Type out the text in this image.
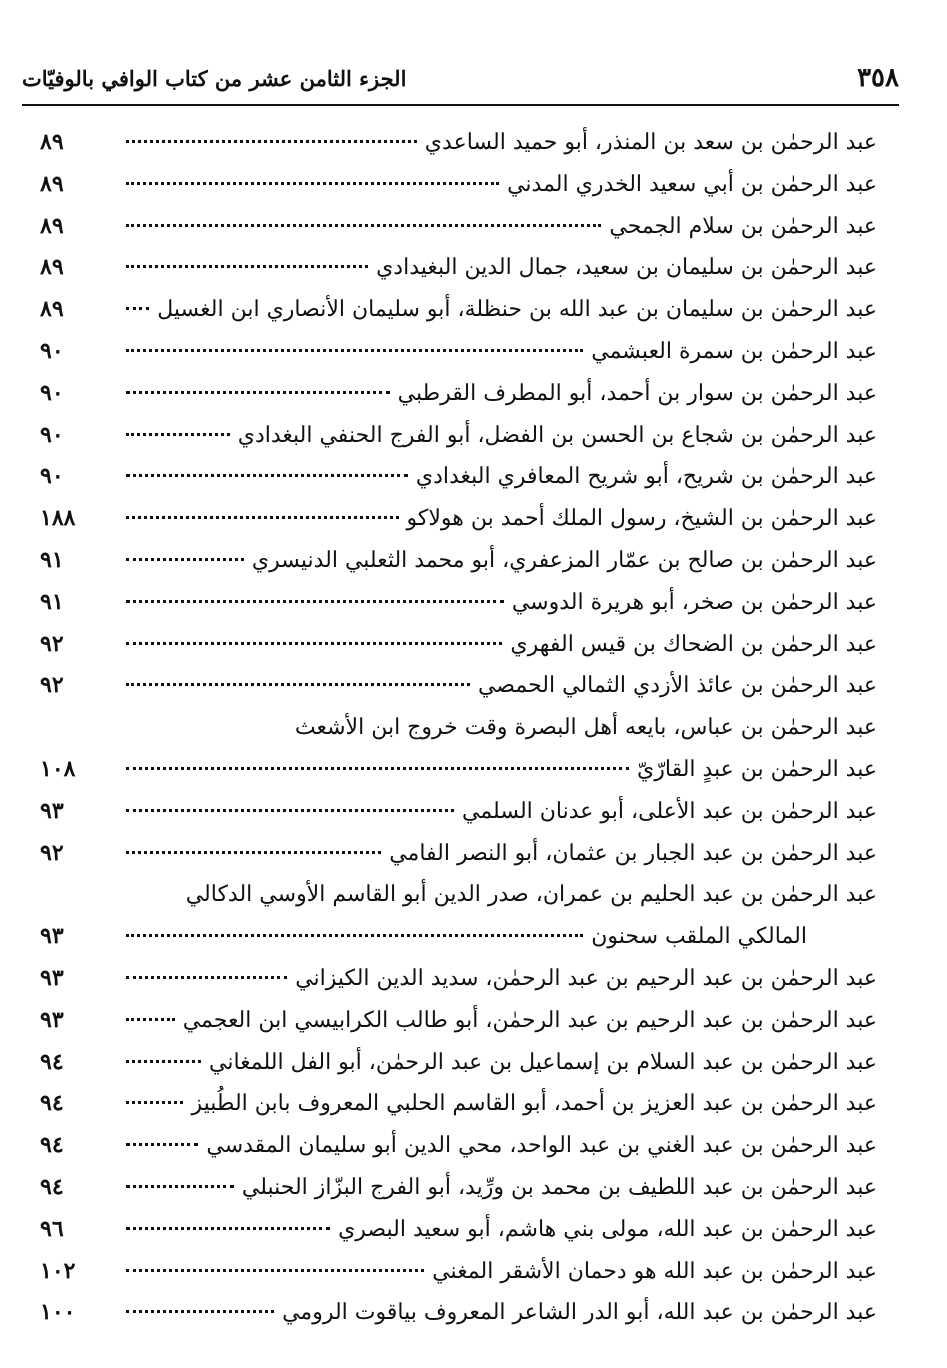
٣٥٨
الجزء الثامن عشر من كتاب الوافي بالوفيّات
عبد الرحمٰن بن سعد بن المنذر، أبو حميد الساعدي
٨٩
عبد الرحمٰن بن أبي سعيد الخدري المدني
٨٩
عبد الرحمٰن بن سلام الجمحي
٨٩
عبد الرحمٰن بن سليمان بن سعيد، جمال الدين البغيدادي
٨٩
عبد الرحمٰن بن سليمان بن عبد الله بن حنظلة، أبو سليمان الأنصاري ابن الغسيل
٨٩
عبد الرحمٰن بن سمرة العبشمي
٩٠
عبد الرحمٰن بن سوار بن أحمد، أبو المطرف القرطبي
٩٠
عبد الرحمٰن بن شجاع بن الحسن بن الفضل، أبو الفرج الحنفي البغدادي
٩٠
عبد الرحمٰن بن شريح، أبو شريح المعافري البغدادي
٩٠
عبد الرحمٰن بن الشيخ، رسول الملك أحمد بن هولاكو
١٨٨
عبد الرحمٰن بن صالح بن عمّار المزعفري، أبو محمد الثعلبي الدنيسري
٩١
عبد الرحمٰن بن صخر، أبو هريرة الدوسي
٩١
عبد الرحمٰن بن الضحاك بن قيس الفهري
٩٢
عبد الرحمٰن بن عائذ الأزدي الثمالي الحمصي
٩٢
عبد الرحمٰن بن عباس، بايعه أهل البصرة وقت خروج ابن الأشعث
عبد الرحمٰن بن عبدٍ القارّيّ
١٠٨
عبد الرحمٰن بن عبد الأعلى، أبو عدنان السلمي
٩٣
عبد الرحمٰن بن عبد الجبار بن عثمان، أبو النصر الفامي
٩٢
عبد الرحمٰن بن عبد الحليم بن عمران، صدر الدين أبو القاسم الأوسي الدكالي
المالكي الملقب سحنون
٩٣
عبد الرحمٰن بن عبد الرحيم بن عبد الرحمٰن، سديد الدين الكيزاني
٩٣
عبد الرحمٰن بن عبد الرحيم بن عبد الرحمٰن، أبو طالب الكرابيسي ابن العجمي
٩٣
عبد الرحمٰن بن عبد السلام بن إسماعيل بن عبد الرحمٰن، أبو الفل اللمغاني
٩٤
عبد الرحمٰن بن عبد العزيز بن أحمد، أبو القاسم الحلبي المعروف بابن الطُبيز
٩٤
عبد الرحمٰن بن عبد الغني بن عبد الواحد، محي الدين أبو سليمان المقدسي
٩٤
عبد الرحمٰن بن عبد اللطيف بن محمد بن ورِّيد، أبو الفرج البزّاز الحنبلي
٩٤
عبد الرحمٰن بن عبد الله، مولى بني هاشم، أبو سعيد البصري
٩٦
عبد الرحمٰن بن عبد الله هو دحمان الأشقر المغني
١٠٢
عبد الرحمٰن بن عبد الله، أبو الدر الشاعر المعروف بياقوت الرومي
١٠٠
